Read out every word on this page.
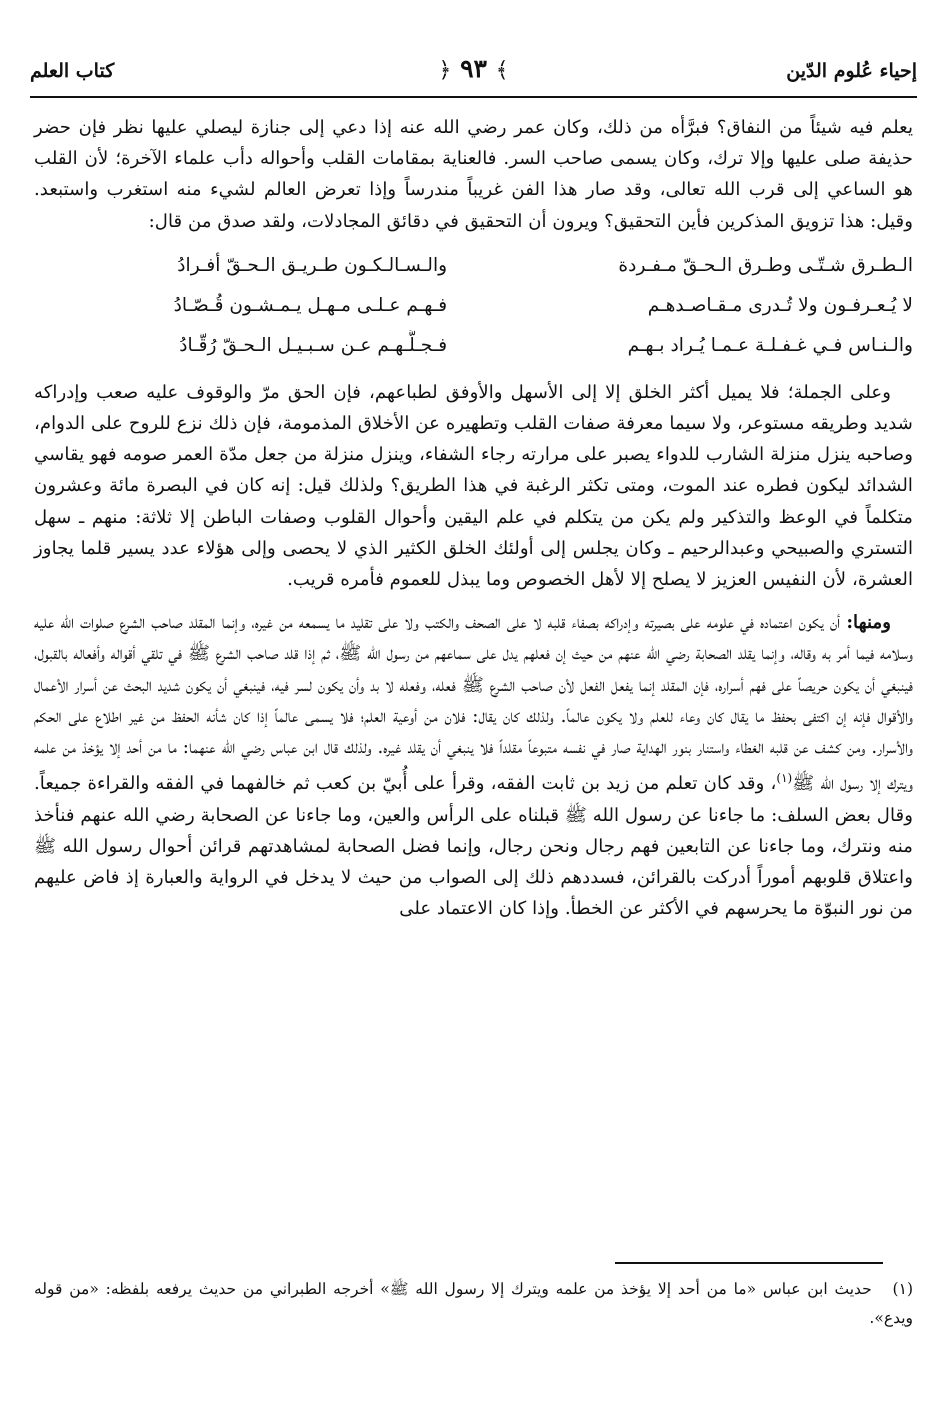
إحياء عُلوم الدّين
﴾ ٩٣ ﴿
كتاب العلم

يعلم فيه شيئاً من النفاق؟ فبرَّأه من ذلك، وكان عمر رضي الله عنه إذا دعي إلى جنازة ليصلي عليها نظر فإن حضر حذيفة صلى عليها وإلا ترك، وكان يسمى صاحب السر. فالعناية بمقامات القلب وأحواله دأب علماء الآخرة؛ لأن القلب هو الساعي إلى قرب الله تعالى، وقد صار هذا الفن غريباً مندرساً وإذا تعرض العالم لشيء منه استغرب واستبعد. وقيل: هذا تزويق المذكرين فأين التحقيق؟ ويرون أن التحقيق في دقائق المجادلات، ولقد صدق من قال:

الـطـرق شـتّـى وطـرق الـحـقّ مـفـردة
والـسـالـكـون طـريـق الـحـقّ أفـرادُ
لا يُـعـرفـون ولا تُـدرى مـقـاصـدهـم
فـهـم عـلـى مـهـل يـمـشـون قُـصّـادُ
والـنـاس فـي غـفـلـة عـمـا يُـراد بـهـم
فـجـلُّـهـم عـن سـبـيـل الـحـقّ رُقّـادُ

وعلى الجملة؛ فلا يميل أكثر الخلق إلا إلى الأسهل والأوفق لطباعهم، فإن الحق مرّ والوقوف عليه صعب وإدراكه شديد وطريقه مستوعر، ولا سيما معرفة صفات القلب وتطهيره عن الأخلاق المذمومة، فإن ذلك نزع للروح على الدوام، وصاحبه ينزل منزلة الشارب للدواء يصبر على مرارته رجاء الشفاء، وينزل منزلة من جعل مدّة العمر صومه فهو يقاسي الشدائد ليكون فطره عند الموت، ومتى تكثر الرغبة في هذا الطريق؟ ولذلك قيل: إنه كان في البصرة مائة وعشرون متكلماً في الوعظ والتذكير ولم يكن من يتكلم في علم اليقين وأحوال القلوب وصفات الباطن إلا ثلاثة: منهم ـ سهل التستري والصبيحي وعبدالرحيم ـ وكان يجلس إلى أولئك الخلق الكثير الذي لا يحصى وإلى هؤلاء عدد يسير قلما يجاوز العشرة، لأن النفيس العزيز لا يصلح إلا لأهل الخصوص وما يبذل للعموم فأمره قريب.

ومنها: أن يكون اعتماده في علومه على بصيرته وإدراكه بصفاء قلبه لا على الصحف والكتب ولا على تقليد ما يسمعه من غيره، وإنما المقلد صاحب الشرع صلوات الله عليه وسلامه فيما أمر به وقاله، وإنما يقلد الصحابة رضي الله عنهم من حيث إن فعلهم يدل على سماعهم من رسول الله ﷺ، ثم إذا قلد صاحب الشرع ﷺ في تلقي أقواله وأفعاله بالقبول، فينبغي أن يكون حريصاً على فهم أسراره، فإن المقلد إنما يفعل الفعل لأن صاحب الشرع ﷺ فعله، وفعله لا بد وأن يكون لسر فيه، فينبغي أن يكون شديد البحث عن أسرار الأعمال والأقوال فإنه إن اكتفى بحفظ ما يقال كان وعاء للعلم ولا يكون عالماً. ولذلك كان يقال: فلان من أوعية العلم؛ فلا يسمى عالماً إذا كان شأنه الحفظ من غير اطلاع على الحكم والأسرار. ومن كشف عن قلبه الغطاء واستنار بنور الهداية صار في نفسه متبوعاً مقلداً فلا ينبغي أن يقلد غيره. ولذلك قال ابن عباس رضي الله عنهما: ما من أحد إلا يؤخذ من علمه ويترك إلا رسول الله ﷺ$^{(١)}$، وقد كان تعلم من زيد بن ثابت الفقه، وقرأ على أُبيّ بن كعب ثم خالفهما في الفقه والقراءة جميعاً. وقال بعض السلف: ما جاءنا عن رسول الله ﷺ قبلناه على الرأس والعين، وما جاءنا عن الصحابة رضي الله عنهم فنأخذ منه ونترك، وما جاءنا عن التابعين فهم رجال ونحن رجال، وإنما فضل الصحابة لمشاهدتهم قرائن أحوال رسول الله ﷺ واعتلاق قلوبهم أموراً أدركت بالقرائن، فسددهم ذلك إلى الصواب من حيث لا يدخل في الرواية والعبارة إذ فاض عليهم من نور النبوّة ما يحرسهم في الأكثر عن الخطأ. وإذا كان الاعتماد على

(١) حديث ابن عباس «ما من أحد إلا يؤخذ من علمه ويترك إلا رسول الله ﷺ» أخرجه الطبراني من حديث يرفعه بلفظه: «من قوله ويدع».
